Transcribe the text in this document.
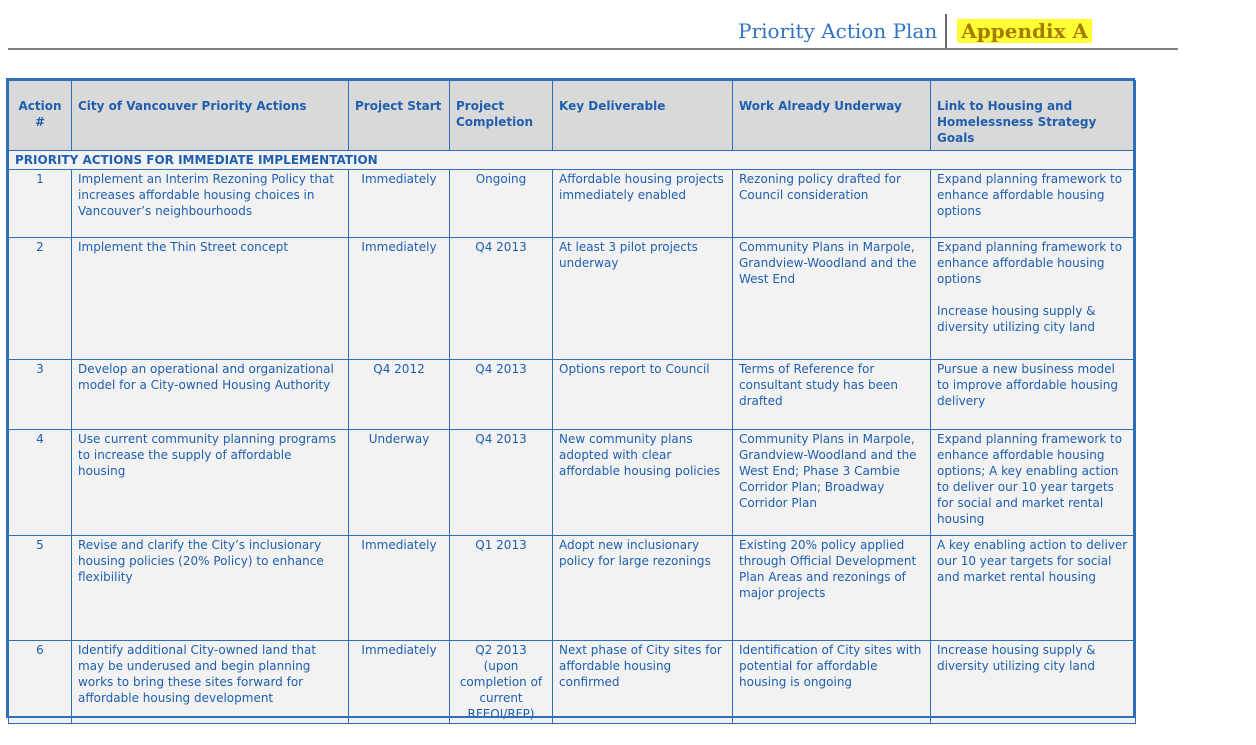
Priority Action Plan	Appendix A
Action #	City of Vancouver Priority Actions	Project Start	Project Completion	Key Deliverable	Work Already Underway	Link to Housing and Homelessness Strategy Goals
PRIORITY ACTIONS FOR IMMEDIATE IMPLEMENTATION						
1	Implement an Interim Rezoning Policy that increases affordable housing choices in Vancouver’s neighbourhoods	Immediately	Ongoing	Affordable housing projects immediately enabled	Rezoning policy drafted for Council consideration	Expand planning framework to enhance affordable housing options
2	Implement the Thin Street concept	Immediately	Q4 2013	At least 3 pilot projects underway	Community Plans in Marpole, Grandview-Woodland and the West End	Expand planning framework to enhance affordable housing options
Increase housing supply & diversity utilizing city land
3	Develop an operational and organizational model for a City-owned Housing Authority	Q4 2012	Q4 2013	Options report to Council	Terms of Reference for consultant study has been drafted	Pursue a new business model to improve affordable housing delivery
4	Use current community planning programs to increase the supply of affordable housing	Underway	Q4 2013	New community plans adopted with clear affordable housing policies	Community Plans in Marpole, Grandview-Woodland and the West End; Phase 3 Cambie Corridor Plan; Broadway Corridor Plan	Expand planning framework to enhance affordable housing options; A key enabling action to deliver our 10 year targets for social and market rental housing
5	Revise and clarify the City’s inclusionary housing policies (20% Policy) to enhance flexibility	Immediately	Q1 2013	Adopt new inclusionary policy for large rezonings	Existing 20% policy applied through Official Development Plan Areas and rezonings of major projects	A key enabling action to deliver our 10 year targets for social and market rental housing
6	Identify additional City-owned land that may be underused and begin planning works to bring these sites forward for affordable housing development	Immediately	Q2 2013 (upon completion of current RFEOI/RFP)	Next phase of City sites for affordable housing confirmed	Identification of City sites with potential for affordable housing is ongoing	Increase housing supply & diversity utilizing city land
